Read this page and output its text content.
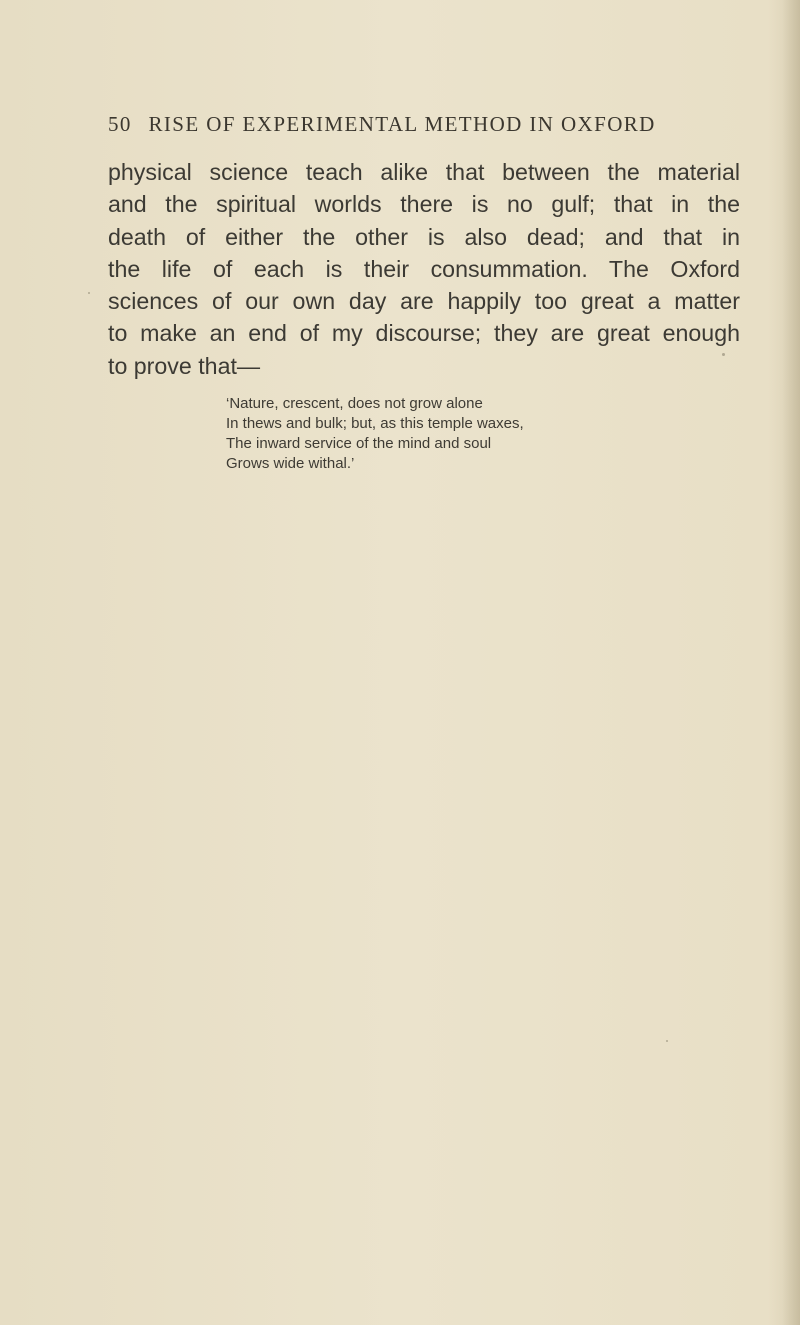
50 RISE OF EXPERIMENTAL METHOD IN OXFORD
physical science teach alike that between the material
and the spiritual worlds there is no gulf; that in the
death of either the other is also dead; and that in
the life of each is their consummation. The Oxford
sciences of our own day are happily too great a matter
to make an end of my discourse; they are great enough
to prove that—
‘Nature, crescent, does not grow alone
In thews and bulk; but, as this temple waxes,
The inward service of the mind and soul
Grows wide withal.’
